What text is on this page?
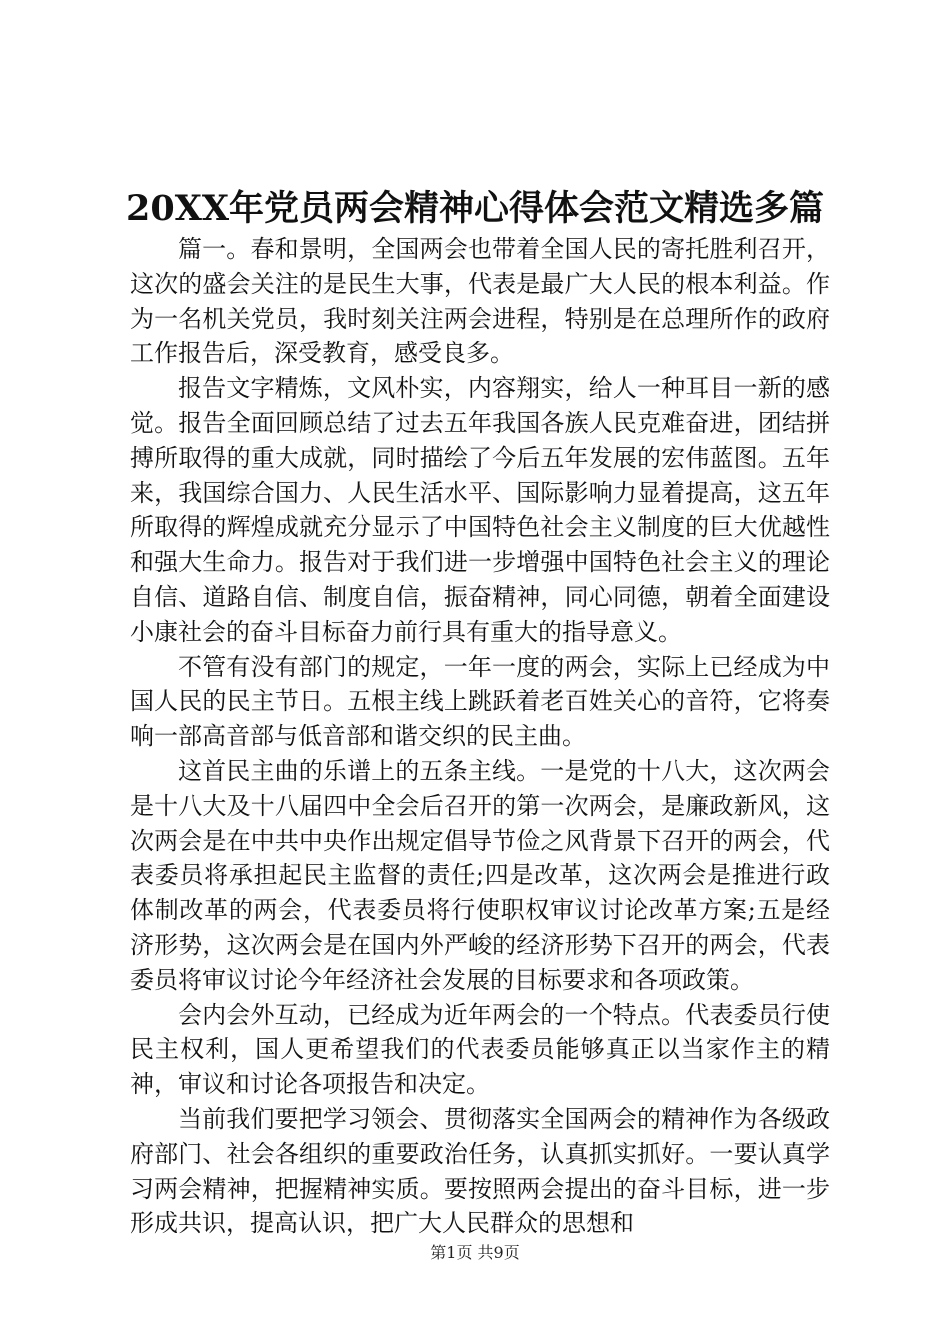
20XX年党员两会精神心得体会范文精选多篇

篇一。春和景明，全国两会也带着全国人民的寄托胜利召开，这次的盛会关注的是民生大事，代表是最广大人民的根本利益。作为一名机关党员，我时刻关注两会进程，特别是在总理所作的政府工作报告后，深受教育，感受良多。

报告文字精炼，文风朴实，内容翔实，给人一种耳目一新的感觉。报告全面回顾总结了过去五年我国各族人民克难奋进，团结拼搏所取得的重大成就，同时描绘了今后五年发展的宏伟蓝图。五年来，我国综合国力、人民生活水平、国际影响力显着提高，这五年所取得的辉煌成就充分显示了中国特色社会主义制度的巨大优越性和强大生命力。报告对于我们进一步增强中国特色社会主义的理论自信、道路自信、制度自信，振奋精神，同心同德，朝着全面建设小康社会的奋斗目标奋力前行具有重大的指导意义。

不管有没有部门的规定，一年一度的两会，实际上已经成为中国人民的民主节日。五根主线上跳跃着老百姓关心的音符，它将奏响一部高音部与低音部和谐交织的民主曲。

这首民主曲的乐谱上的五条主线。一是党的十八大，这次两会是十八大及十八届四中全会后召开的第一次两会，是廉政新风，这次两会是在中共中央作出规定倡导节俭之风背景下召开的两会，代表委员将承担起民主监督的责任;四是改革，这次两会是推进行政体制改革的两会，代表委员将行使职权审议讨论改革方案;五是经济形势，这次两会是在国内外严峻的经济形势下召开的两会，代表委员将审议讨论今年经济社会发展的目标要求和各项政策。

会内会外互动，已经成为近年两会的一个特点。代表委员行使民主权利，国人更希望我们的代表委员能够真正以当家作主的精神，审议和讨论各项报告和决定。

当前我们要把学习领会、贯彻落实全国两会的精神作为各级政府部门、社会各组织的重要政治任务，认真抓实抓好。一要认真学习两会精神，把握精神实质。要按照两会提出的奋斗目标，进一步形成共识，提高认识，把广大人民群众的思想和

第1页 共9页
